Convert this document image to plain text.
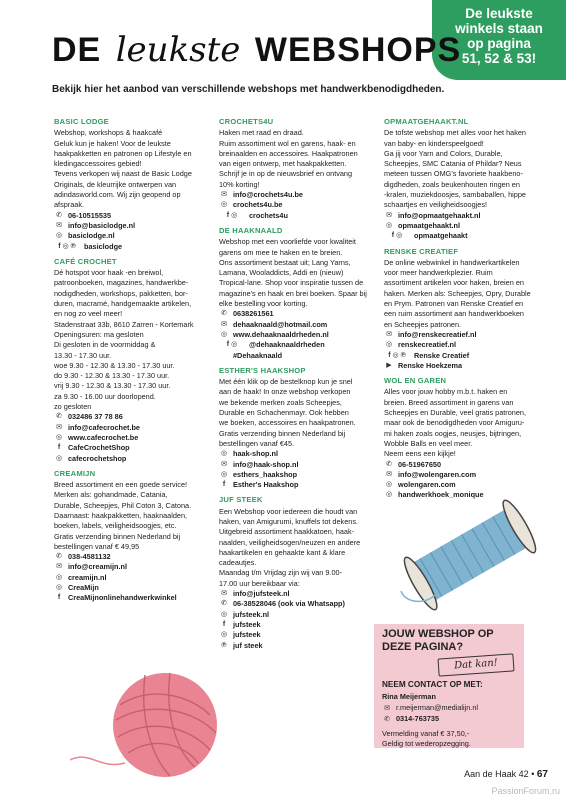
De leukste
winkels staan
op pagina
51, 52 & 53!
DE leukste WEBSHOPS
Bekijk hier het aanbod van verschillende webshops met handwerkbenodigdheden.
BASIC LODGE
Webshop, workshops & haakcafé
Geluk kun je haken! Voor de leukste
haakpakketten en patronen op Lifestyle en
kledingaccessoires gebied!
Tevens verkopen wij naast de Basic Lodge
Originals, de kleurrijke ontwerpen van
adindasworld.com. Wij zijn geopend op
afspraak.
✆ 06-10515535
✉ info@basiclodge.nl
◎ basiclodge.nl
f ◎ ℗	basiclodge
CAFÉ CROCHET
Dé hotspot voor haak -en breiwol,
patroonboeken, magazines, handwerkbe-
nodigdheden, workshops, pakketten, bor-
duren, macramé, handgemaakte artikelen,
en nog zo veel meer!
Stadenstraat 33b, 8610 Zarren - Kortemark
Openingsuren: ma gesloten
Di gesloten in de voormiddag &
13.30 - 17.30 uur.
woe 9.30 - 12.30 & 13.30 - 17.30 uur.
do 9.30 - 12.30 & 13.30 - 17.30 uur.
vrij 9.30 - 12.30 & 13.30 - 17.30 uur.
za 9.30 - 16.00 uur doorlopend.
zo gesloten
✆ 032486 37 78 86
✉ info@cafecrochet.be
◎ www.cafecrochet.be
f	CafeCrochetShop
◎ cafecrochetshop
CREAMIJN
Breed assortiment en een goede service!
Merken als: gohandmade, Catania,
Durable, Scheepjes, Phil Coton 3, Catona.
Daarnaast: haakpakketten, haaknaalden,
boeken, labels, veiligheidsoogjes, etc.
Gratis verzending binnen Nederland bij
bestellingen vanaf € 49,95
✆ 038-4581132
✉ info@creamijn.nl
◎ creamijn.nl
◎ CreaMijn
f	CreaMijnonlinehandwerkwinkel
CROCHETS4U
Haken met raad en draad.
Ruim assortiment wol en garens, haak- en
breinaalden en accessoires. Haakpatronen
van eigen ontwerp, met haakpakketten.
Schrijf je in op de nieuwsbrief en ontvang
10% korting!
✉ info@crochets4u.be
◎ crochets4u.be
f ◎	crochets4u
DE HAAKNAALD
Webshop met een voorliefde voor kwaliteit
garens om mee te haken en te breien.
Ons assortiment bestaat uit; Lang Yarns,
Lamana, Wooladdicts, Addi en (nieuw)
Tropical-lane. Shop voor inspiratie tussen de
magazine's en haak en brei boeken. Spaar bij
elke bestelling voor korting.
✆ 0638261561
✉ dehaaknaald@hotmail.com
◎ www.dehaaknaaldrheden.nl
f ◎	@dehaaknaaldrheden
#Dehaaknaald
ESTHER'S HAAKSHOP
Met één klik op de bestelknop kun je snel
aan de haak! In onze webshop verkopen
we bekende merken zoals Scheepjes,
Durable en Schachenmayr. Ook hebben
we boeken, accessoires en haakpatronen.
Gratis verzending binnen Nederland bij
bestellingen vanaf €45.
◎ haak-shop.nl
✉ info@haak-shop.nl
◎ esthers_haakshop
f	Esther's Haakshop
JUF STEEK
Een Webshop voor iedereen die houdt van
haken, van Amigurumi, knuffels tot dekens.
Uitgebreid assortiment haakkatoen, haak-
naalden, veiligheidsogen/neuzen en andere
haakartikelen en gehaakte kant & klare
cadeautjes.
Maandag t/m Vrijdag zijn wij van 9.00-
17.00 uur bereikbaar via:
✉ info@jufsteek.nl
✆ 06-38528046 (ook via Whatsapp)
◎ jufsteek.nl
f	jufsteek
◎ jufsteek
℗ juf steek
OPMAATGEHAAKT.NL
De tofste webshop met alles voor het haken
van baby- en kinderspeelgoed!
Ga jij voor Yarn and Colors, Durable,
Scheepjes, SMC Catania of Phildar? Neus
meteen tussen OMG's favoriete haakbeno-
digdheden, zoals beukenhouten ringen en
-kralen, muziekdoosjes, sambaballen, hippe
schaartjes en veiligheidsoogjes!
✉ info@opmaatgehaakt.nl
◎ opmaatgehaakt.nl
f ◎	opmaatgehaakt
RENSKE CREATIEF
De online webwinkel in handwerkartikelen
voor meer handwerkplezier. Ruim
assortiment artikelen voor haken, breien en
haken. Merken als: Scheepjes, Opry, Durable
en Prym. Patronen van Renske Creatief en
een ruim assortiment aan handwerkboeken
en Scheepjes patronen.
✉ info@renskecreatief.nl
◎ renskecreatief.nl
f ◎ ℗	Renske Creatief
▶ Renske Hoekzema
WOL EN GAREN
Alles voor jouw hobby m.b.t. haken en
breien. Breed assortiment in garens van
Scheepjes en Durable, veel gratis patronen,
maar ook de benodigdheden voor Amiguru-
mi haken zoals oogjes, neusjes, bijtringen,
Wobble Balls en veel meer.
Neem eens een kijkje!
✆ 06-51967650
✉ info@wolengaren.com
◎ wolengaren.com
◎ handwerkhoek_monique
JOUW WEBSHOP OP
DEZE PAGINA?
Dat kan!
NEEM CONTACT OP MET:
Rina Meijerman
✉ r.meijerman@medialijn.nl
✆ 0314-763735
Vermelding vanaf € 37,50,-
Geldig tot wederopzegging.
Aan de Haak 42 • 67
PassionForum.ru
